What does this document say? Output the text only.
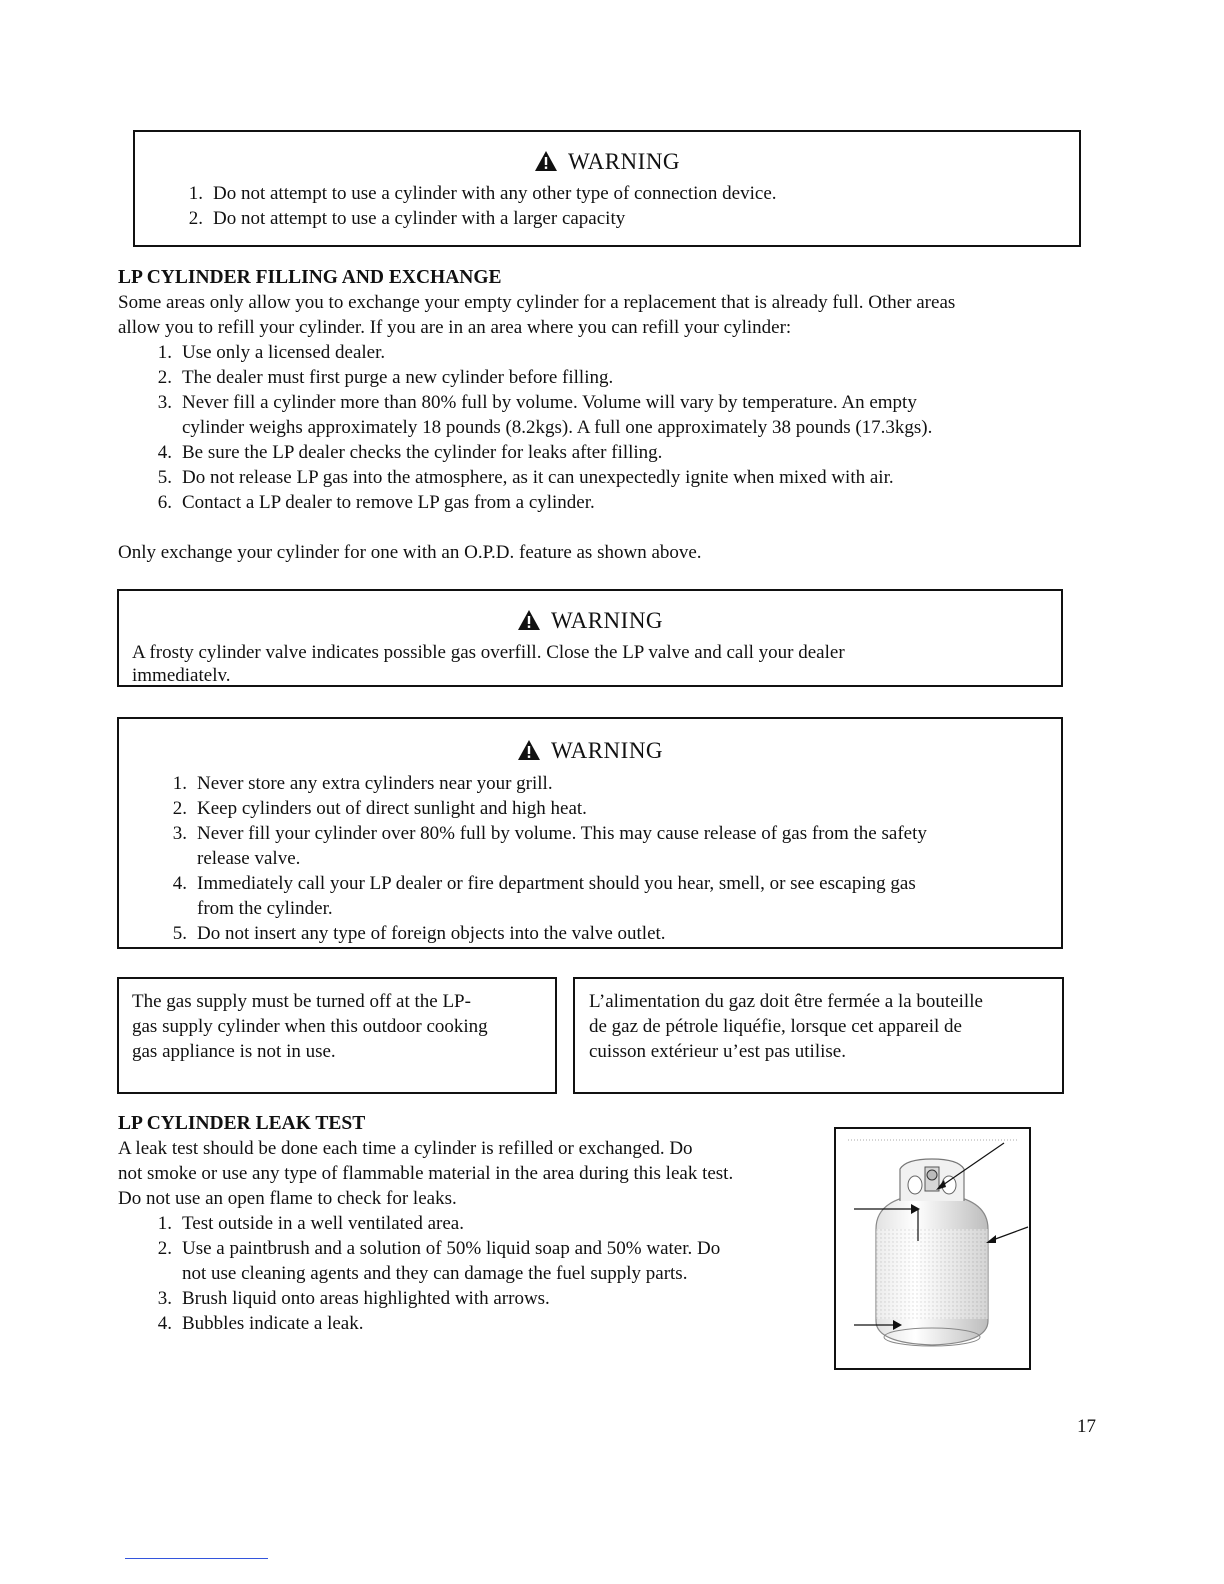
WARNING
1. Do not attempt to use a cylinder with any other type of connection device.
2. Do not attempt to use a cylinder with a larger capacity
LP CYLINDER FILLING AND EXCHANGE
Some areas only allow you to exchange your empty cylinder for a replacement that is already full. Other areas
allow you to refill your cylinder. If you are in an area where you can refill your cylinder:
1. Use only a licensed dealer.
2. The dealer must first purge a new cylinder before filling.
3. Never fill a cylinder more than 80% full by volume. Volume will vary by temperature. An empty
cylinder weighs approximately 18 pounds (8.2kgs). A full one approximately 38 pounds (17.3kgs).
4. Be sure the LP dealer checks the cylinder for leaks after filling.
5. Do not release LP gas into the atmosphere, as it can unexpectedly ignite when mixed with air.
6. Contact a LP dealer to remove LP gas from a cylinder.
Only exchange your cylinder for one with an O.P.D. feature as shown above.
WARNING
A frosty cylinder valve indicates possible gas overfill. Close the LP valve and call your dealer
immediatelv.
WARNING
1. Never store any extra cylinders near your grill.
2. Keep cylinders out of direct sunlight and high heat.
3. Never fill your cylinder over 80% full by volume. This may cause release of gas from the safety
release valve.
4. Immediately call your LP dealer or fire department should you hear, smell, or see escaping gas
from the cylinder.
5. Do not insert any type of foreign objects into the valve outlet.
The gas supply must be turned off at the LP-
gas supply cylinder when this outdoor cooking
gas appliance is not in use.
L’alimentation du gaz doit être fermée a la bouteille
de gaz de pétrole liquéfie, lorsque cet appareil de
cuisson extérieur u’est pas utilise.
LP CYLINDER LEAK TEST
A leak test should be done each time a cylinder is refilled or exchanged. Do
not smoke or use any type of flammable material in the area during this leak test.
Do not use an open flame to check for leaks.
1. Test outside in a well ventilated area.
2. Use a paintbrush and a solution of 50% liquid soap and 50% water. Do
not use cleaning agents and they can damage the fuel supply parts.
3. Brush liquid onto areas highlighted with arrows.
4. Bubbles indicate a leak.
17
